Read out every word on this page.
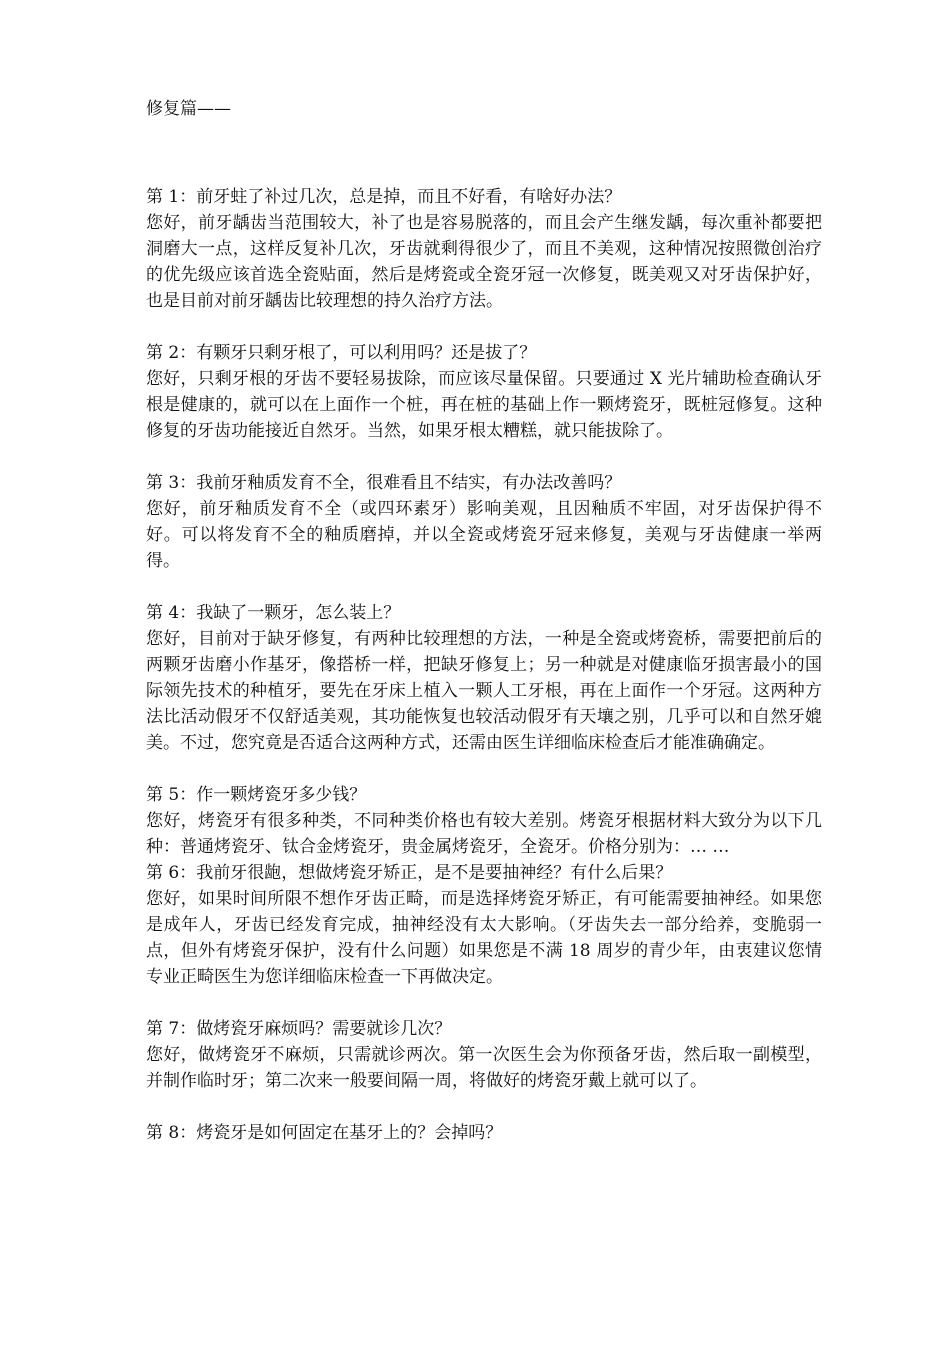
修复篇——

第 1：前牙蛀了补过几次，总是掉，而且不好看，有啥好办法？

您好，前牙龋齿当范围较大，补了也是容易脱落的，而且会产生继发龋，每次重补都要把洞磨大一点，这样反复补几次，牙齿就剩得很少了，而且不美观，这种情况按照微创治疗的优先级应该首选全瓷贴面，然后是烤瓷或全瓷牙冠一次修复，既美观又对牙齿保护好，也是目前对前牙龋齿比较理想的持久治疗方法。

第 2：有颗牙只剩牙根了，可以利用吗？还是拔了？

您好，只剩牙根的牙齿不要轻易拔除，而应该尽量保留。只要通过 X 光片辅助检查确认牙根是健康的，就可以在上面作一个桩，再在桩的基础上作一颗烤瓷牙，既桩冠修复。这种修复的牙齿功能接近自然牙。当然，如果牙根太糟糕，就只能拔除了。

第 3：我前牙釉质发育不全，很难看且不结实，有办法改善吗？

您好，前牙釉质发育不全（或四环素牙）影响美观，且因釉质不牢固，对牙齿保护得不好。可以将发育不全的釉质磨掉，并以全瓷或烤瓷牙冠来修复，美观与牙齿健康一举两得。

第 4：我缺了一颗牙，怎么装上？

您好，目前对于缺牙修复，有两种比较理想的方法，一种是全瓷或烤瓷桥，需要把前后的两颗牙齿磨小作基牙，像搭桥一样，把缺牙修复上；另一种就是对健康临牙损害最小的国际领先技术的种植牙，要先在牙床上植入一颗人工牙根，再在上面作一个牙冠。这两种方法比活动假牙不仅舒适美观，其功能恢复也较活动假牙有天壤之别，几乎可以和自然牙媲美。不过，您究竟是否适合这两种方式，还需由医生详细临床检查后才能准确确定。

第 5：作一颗烤瓷牙多少钱？

您好，烤瓷牙有很多种类，不同种类价格也有较大差别。烤瓷牙根据材料大致分为以下几种：普通烤瓷牙、钛合金烤瓷牙，贵金属烤瓷牙，全瓷牙。价格分别为：… …

第 6：我前牙很龅，想做烤瓷牙矫正，是不是要抽神经？有什么后果？

您好，如果时间所限不想作牙齿正畸，而是选择烤瓷牙矫正，有可能需要抽神经。如果您是成年人，牙齿已经发育完成，抽神经没有太大影响。（牙齿失去一部分给养，变脆弱一点，但外有烤瓷牙保护，没有什么问题）如果您是不满 18 周岁的青少年，由衷建议您情专业正畸医生为您详细临床检查一下再做决定。

第 7：做烤瓷牙麻烦吗？需要就诊几次？

您好，做烤瓷牙不麻烦，只需就诊两次。第一次医生会为你预备牙齿，然后取一副模型，并制作临时牙；第二次来一般要间隔一周，将做好的烤瓷牙戴上就可以了。

第 8：烤瓷牙是如何固定在基牙上的？会掉吗？
